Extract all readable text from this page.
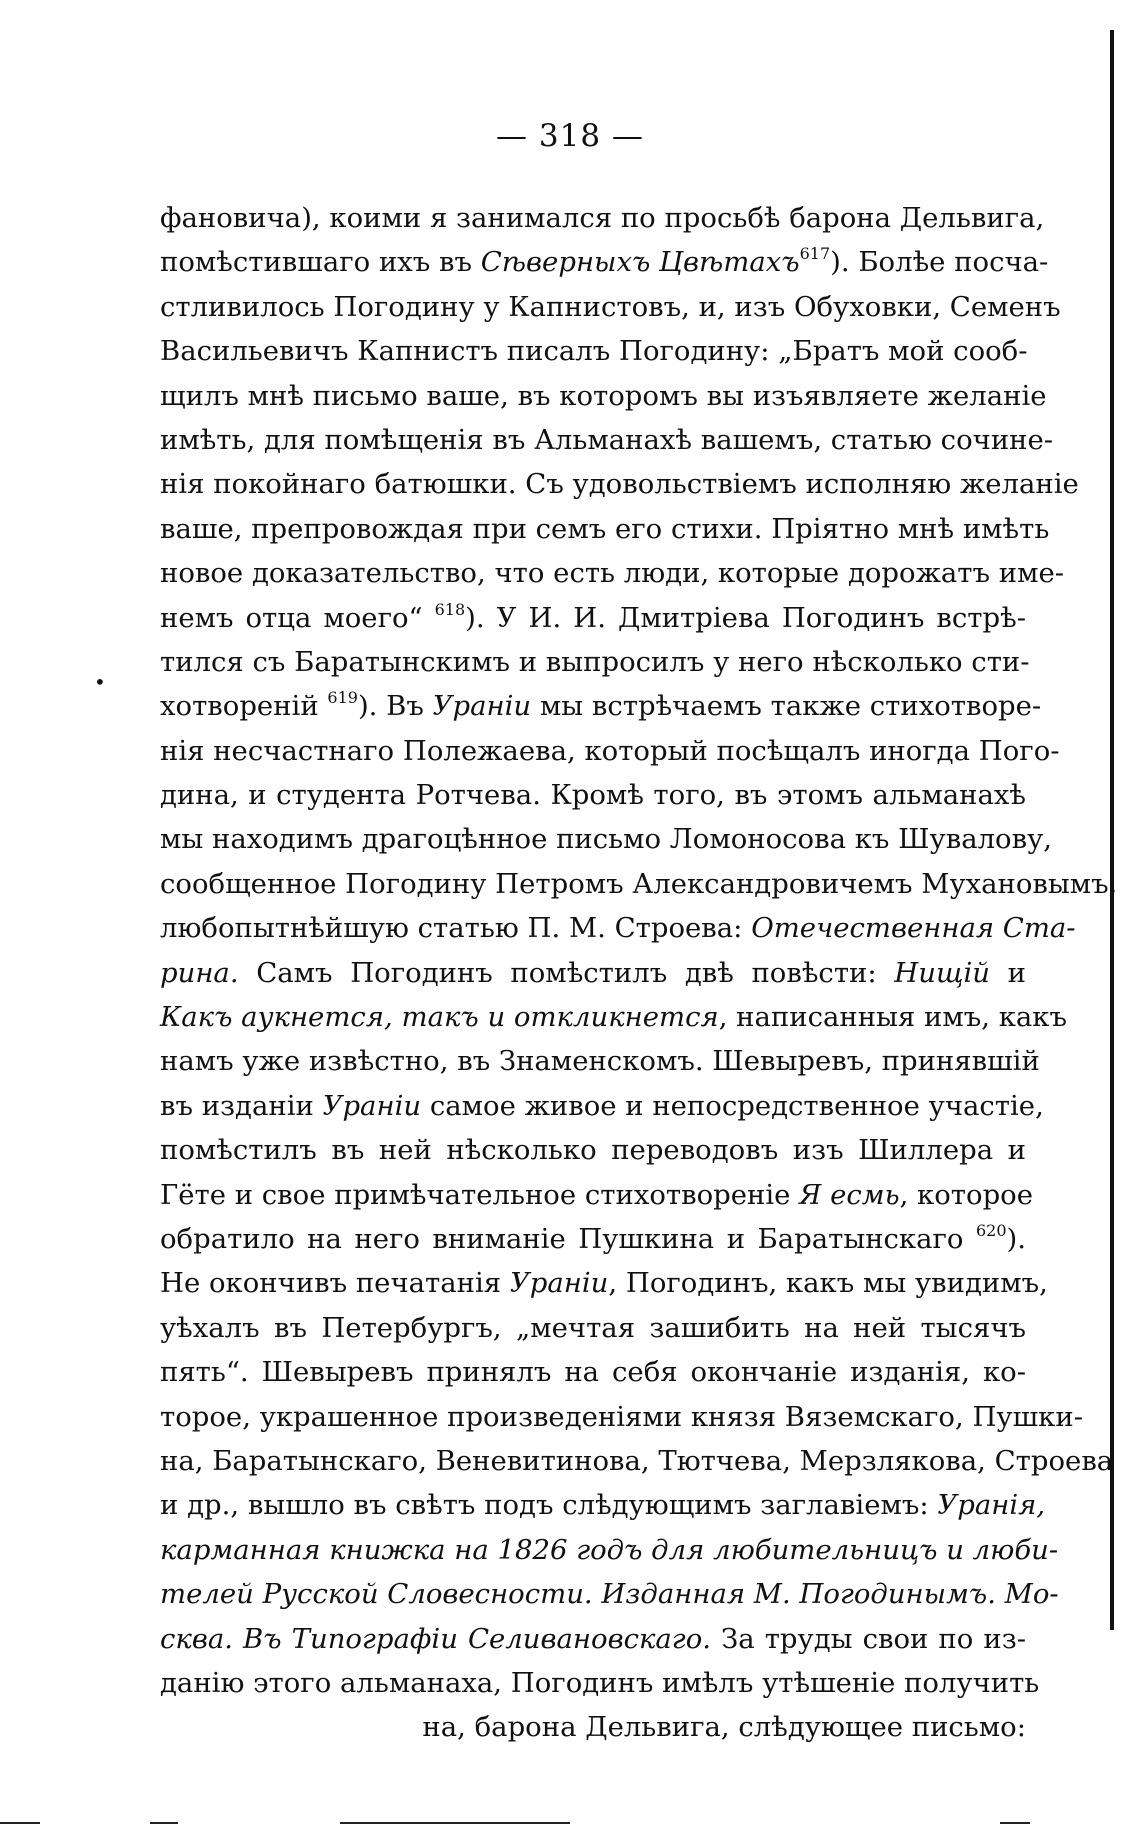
— 318 —
•
фановича), коими я занимался по просьбѣ барона Дельвига,
помѣстившаго ихъ въ Сѣверныхъ Цвѣтахъ$^{617}$). Болѣе посча-
стливилось Погодину у Капнистовъ, и, изъ Обуховки, Семенъ
Васильевичъ Капнистъ писалъ Погодину: „Братъ мой сооб-
щилъ мнѣ письмо ваше, въ которомъ вы изъявляете желаніе
имѣть, для помѣщенія въ Альманахѣ вашемъ, статью сочине-
нія покойнаго батюшки. Съ удовольствіемъ исполняю желаніе
ваше, препровождая при семъ его стихи. Пріятно мнѣ имѣть
новое доказательство, что есть люди, которые дорожатъ име-
немъ отца моего“ $^{618}$). У И. И. Дмитріева Погодинъ встрѣ-
тился съ Баратынскимъ и выпросилъ у него нѣсколько сти-
хотвореній $^{619}$). Въ Ураніи мы встрѣчаемъ также стихотворе-
нія несчастнаго Полежаева, который посѣщалъ иногда Пого-
дина, и студента Ротчева. Кромѣ того, въ этомъ альманахѣ
мы находимъ драгоцѣнное письмо Ломоносова къ Шувалову,
сообщенное Погодину Петромъ Александровичемъ Мухановымъ,
любопытнѣйшую статью П. М. Строева: Отечественная Ста-
рина. Самъ Погодинъ помѣстилъ двѣ повѣсти: Нищій и
Какъ аукнется, такъ и откликнется, написанныя имъ, какъ
намъ уже извѣстно, въ Знаменскомъ. Шевыревъ, принявшій
въ изданіи Ураніи самое живое и непосредственное участіе,
помѣстилъ въ ней нѣсколько переводовъ изъ Шиллера и
Гёте и свое примѣчательное стихотвореніе Я есмь, которое
обратило на него вниманіе Пушкина и Баратынскаго $^{620}$).
Не окончивъ печатанія Ураніи, Погодинъ, какъ мы увидимъ,
уѣхалъ въ Петербургъ, „мечтая зашибить на ней тысячъ
пять“. Шевыревъ принялъ на себя окончаніе изданія, ко-
торое, украшенное произведеніями князя Вяземскаго, Пушки-
на, Баратынскаго, Веневитинова, Тютчева, Мерзлякова, Строева
и др., вышло въ свѣтъ подъ слѣдующимъ заглавіемъ: Уранія,
карманная книжка на 1826 годъ для любительницъ и люби-
телей Русской Словесности. Изданная М. Погодинымъ. Мо-
сква. Въ Типографіи Селивановскаго. За труды свои по из-
данію этого альманаха, Погодинъ имѣлъ утѣшеніе получить
на, барона Дельвига, слѣдующее письмо:
